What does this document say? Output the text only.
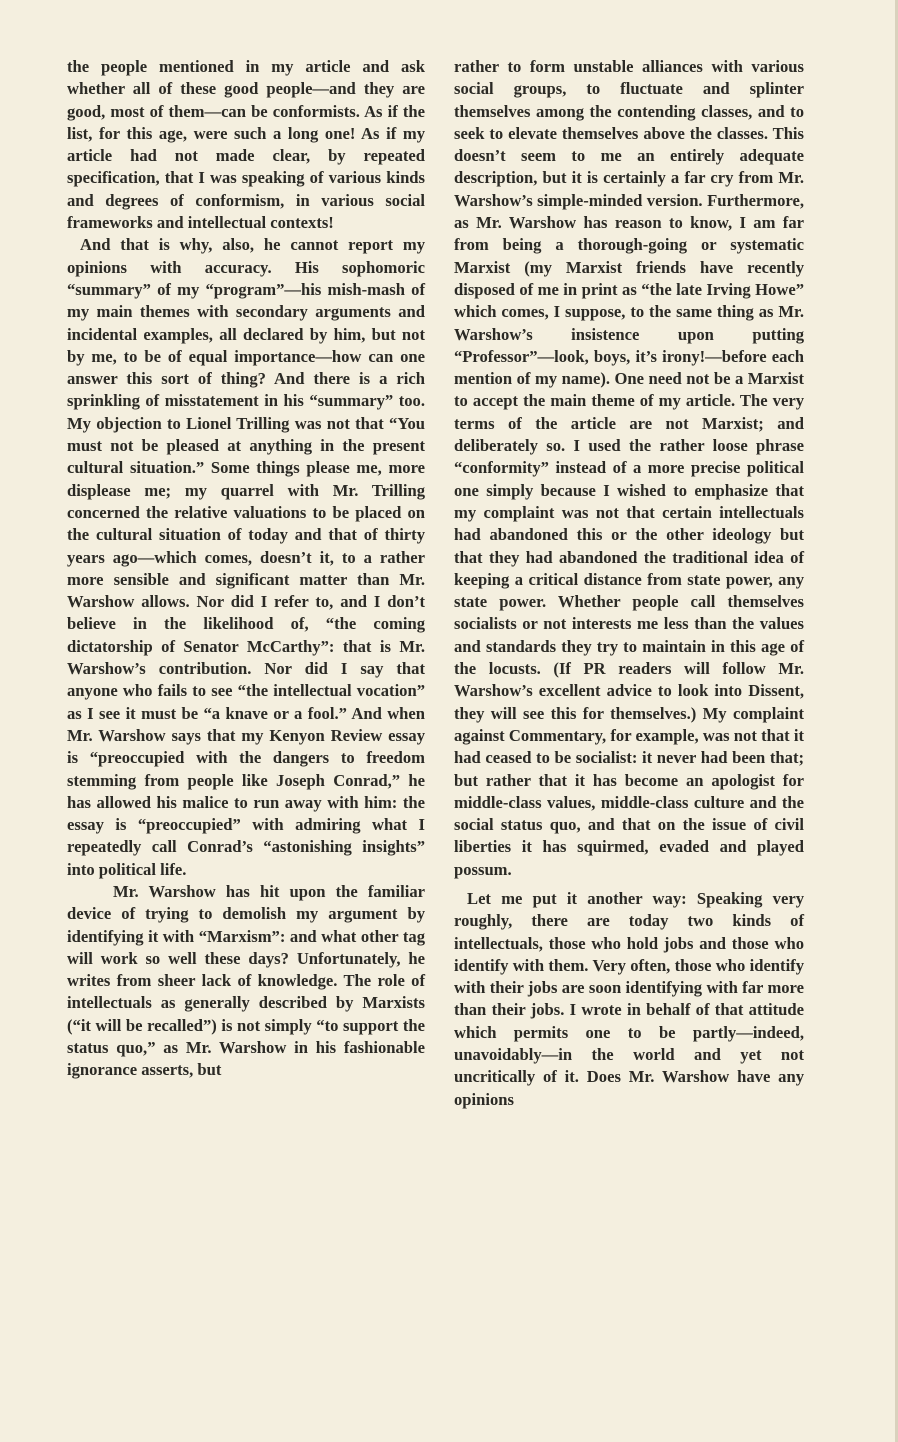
the people mentioned in my article and ask whether all of these good people—and they are good, most of them—can be conformists. As if the list, for this age, were such a long one! As if my article had not made clear, by repeated specification, that I was speaking of various kinds and degrees of conformism, in various social frameworks and intellectual contexts!

And that is why, also, he cannot report my opinions with accuracy. His sophomoric “summary” of my “program”—his mish-mash of my main themes with secondary arguments and incidental examples, all declared by him, but not by me, to be of equal importance—how can one answer this sort of thing? And there is a rich sprinkling of misstatement in his “summary” too. My objection to Lionel Trilling was not that “You must not be pleased at anything in the present cultural situation.” Some things please me, more displease me; my quarrel with Mr. Trilling concerned the relative valuations to be placed on the cultural situation of today and that of thirty years ago—which comes, doesn’t it, to a rather more sensible and significant matter than Mr. Warshow allows. Nor did I refer to, and I don’t believe in the likelihood of, “the coming dictatorship of Senator McCarthy”: that is Mr. Warshow’s contribution. Nor did I say that anyone who fails to see “the intellectual vocation” as I see it must be “a knave or a fool.” And when Mr. Warshow says that my Kenyon Review essay is “preoccupied with the dangers to freedom stemming from people like Joseph Conrad,” he has allowed his malice to run away with him: the essay is “preoccupied” with admiring what I repeatedly call Conrad’s “astonishing insights” into political life.

Mr. Warshow has hit upon the familiar device of trying to demolish my argument by identifying it with “Marxism”: and what other tag will work so well these days? Unfortunately, he writes from sheer lack of knowledge. The role of intellectuals as generally described by Marxists (“it will be recalled”) is not simply “to support the status quo,” as Mr. Warshow in his fashionable ignorance asserts, but

rather to form unstable alliances with various social groups, to fluctuate and splinter themselves among the contending classes, and to seek to elevate themselves above the classes. This doesn’t seem to me an entirely adequate description, but it is certainly a far cry from Mr. Warshow’s simple-minded version. Furthermore, as Mr. Warshow has reason to know, I am far from being a thorough-going or systematic Marxist (my Marxist friends have recently disposed of me in print as “the late Irving Howe” which comes, I suppose, to the same thing as Mr. Warshow’s insistence upon putting “Professor”—look, boys, it’s irony!—before each mention of my name). One need not be a Marxist to accept the main theme of my article. The very terms of the article are not Marxist; and deliberately so. I used the rather loose phrase “conformity” instead of a more precise political one simply because I wished to emphasize that my complaint was not that certain intellectuals had abandoned this or the other ideology but that they had abandoned the traditional idea of keeping a critical distance from state power, any state power. Whether people call themselves socialists or not interests me less than the values and standards they try to maintain in this age of the locusts. (If PR readers will follow Mr. Warshow’s excellent advice to look into Dissent, they will see this for themselves.) My complaint against Commentary, for example, was not that it had ceased to be socialist: it never had been that; but rather that it has become an apologist for middle-class values, middle-class culture and the social status quo, and that on the issue of civil liberties it has squirmed, evaded and played possum.

Let me put it another way: Speaking very roughly, there are today two kinds of intellectuals, those who hold jobs and those who identify with them. Very often, those who identify with their jobs are soon identifying with far more than their jobs. I wrote in behalf of that attitude which permits one to be partly—indeed, unavoidably—in the world and yet not uncritically of it. Does Mr. Warshow have any opinions
